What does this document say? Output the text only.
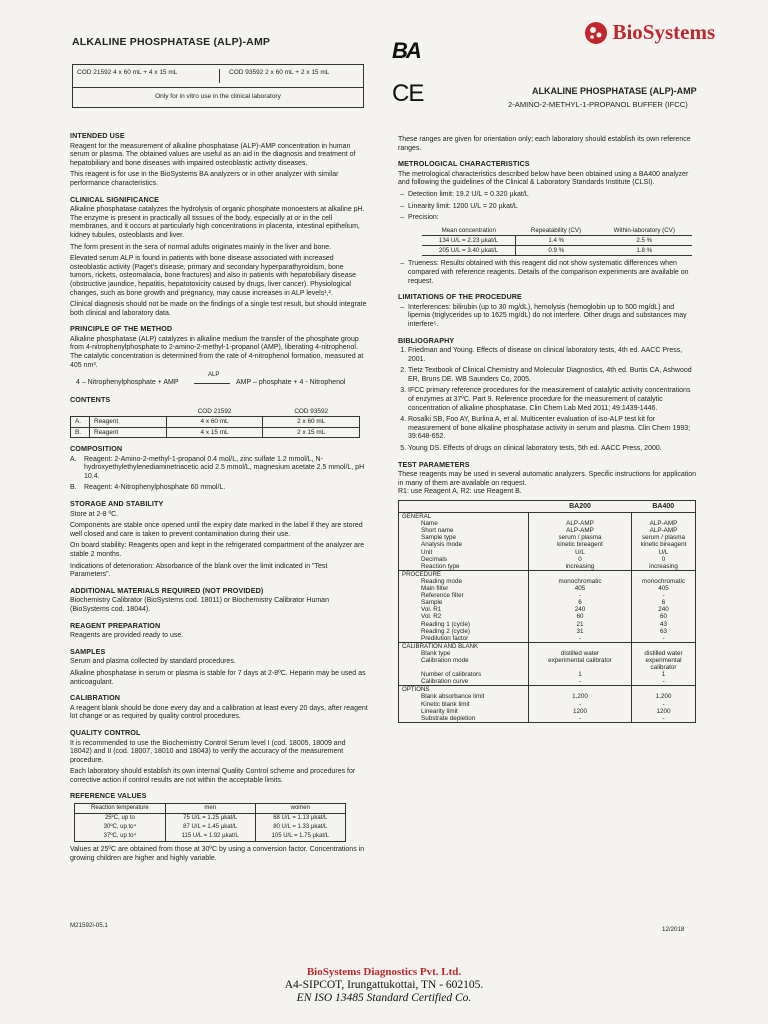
ALKALINE PHOSPHATASE (ALP)-AMP
COD 21592 4 x 60 mL + 4 x 15 mL	COD 93592 2 x 60 mL + 2 x 15 mL
Only for in vitro use in the clinical laboratory
BA
CE
BioSystems
ALKALINE PHOSPHATASE (ALP)-AMP
2-AMINO-2-METHYL-1-PROPANOL BUFFER (IFCC)
INTENDED USE

Reagent for the measurement of alkaline phosphatase (ALP)-AMP concentration in human serum or plasma. The obtained values are useful as an aid in the diagnosis and treatment of hepatobiliary and bone diseases with impaired osteoblastic activity diseases.

This reagent is for use in the BioSystems BA analyzers or in other analyzer with similar performance characteristics.

CLINICAL SIGNIFICANCE

Alkaline phosphatase catalyzes the hydrolysis of organic phosphate monoesters at alkaline pH. The enzyme is present in practically all tissues of the body, especially at or in the cell membranes, and it occurs at particularly high concentrations in placenta, intestinal epithelium, kidney tubules, osteoblasts and liver.

The form present in the sera of normal adults originates mainly in the liver and bone.

Elevated serum ALP is found in patients with bone disease associated with increased osteoblastic activity (Paget's disease, primary and secondary hyperparathyroidism, bone tumors, rickets, osteomalacia, bone fractures) and also in patients with hepatobiliary disease (obstructive jaundice, hepatitis, hepatotoxicity caused by drugs, liver cancer). Physiological changes, such as bone growth and pregnancy, may cause increases in ALP levels¹,².

Clinical diagnosis should not be made on the findings of a single test result, but should integrate both clinical and laboratory data.

PRINCIPLE OF THE METHOD

Alkaline phosphatase (ALP) catalyzes in alkaline medium the transfer of the phosphate group from 4-nitrophenylphosphate to 2-amino-2-methyl-1-propanol (AMP), liberating 4-nitrophenol. The catalytic concentration is determined from the rate of 4-nitrophenol formation, measured at 405 nm³.

4 – Nitrophenylphosphate + AMP
ALP
AMP – phosphate + 4 - Nitrophenol
CONTENTS
		COD 21592	COD 93592
A.	Reagent	4 x 60 mL	2 x 60 mL
B.	Reagent	4 x 15 mL	2 x 15 mL
COMPOSITION
A.	Reagent: 2-Amino-2-methyl-1-propanol 0.4 mol/L, zinc sulfate 1.2 mmol/L, N-hydroxyethylethylenediaminetriacetic acid 2.5 mmol/L, magnesium acetate 2.5 mmol/L, pH 10.4.
B.	Reagent: 4-Nitrophenylphosphate 60 mmol/L.
STORAGE AND STABILITY

Store at 2-8 ºC.

Components are stable once opened until the expiry date marked in the label if they are stored well closed and care is taken to prevent contamination during their use.

On board stability: Reagents open and kept in the refrigerated compartment of the analyzer are stable 2 months.

Indications of deterioration: Absorbance of the blank over the limit indicated in "Test Parameters".

ADDITIONAL MATERIALS REQUIRED (NOT PROVIDED)

Biochemistry Calibrator (BioSystems cod. 18011) or Biochemistry Calibrator Human (BioSystems cod. 18044).

REAGENT PREPARATION

Reagents are provided ready to use.

SAMPLES

Serum and plasma collected by standard procedures.

Alkaline phosphatase in serum or plasma is stable for 7 days at 2-8ºC. Heparin may be used as anticoagulant.

CALIBRATION

A reagent blank should be done every day and a calibration at least every 20 days, after reagent lot change or as required by quality control procedures.

QUALITY CONTROL

It is recommended to use the Biochemistry Control Serum level I (cod. 18005, 18009 and 18042) and II (cod. 18007, 18010 and 18043) to verify the accuracy of the measurement procedure.

Each laboratory should establish its own internal Quality Control scheme and procedures for corrective action if control results are not within the acceptable limits.

REFERENCE VALUES
Reaction temperature	men	women
25ºC, up to	75 U/L = 1.25 µkat/L	68 U/L = 1.13 µkat/L
30ºC, up to⁴	87 U/L = 1.45 µkat/L	80 U/L = 1.33 µkat/L
37ºC, up to⁴	115 U/L = 1.92 µkat/L	105 U/L = 1.75 µkat/L

Values at 25ºC are obtained from those at 30ºC by using a conversion factor. Concentrations in growing children are higher and highly variable.

M21592i-05.1

These ranges are given for orientation only; each laboratory should establish its own reference ranges.

METROLOGICAL CHARACTERISTICS

The metrological characteristics described below have been obtained using a BA400 analyzer and following the guidelines of the Clinical & Laboratory Standards Institute (CLSI).

– Detection limit: 19.2 U/L = 0.320 µkat/L
– Linearity limit: 1200 U/L = 20 µkat/L
– Precision:
Mean concentration	Repeatability (CV)	Within-laboratory (CV)
134 U/L = 2.23 µkat/L	1.4 %	2.5 %
205 U/L = 3.40 µkat/L	0.9 %	1.8 %
– Trueness: Results obtained with this reagent did not show systematic differences when compared with reference reagents. Details of the comparison experiments are available on request.
LIMITATIONS OF THE PROCEDURE
– Interferences: bilirubin (up to 30 mg/dL), hemolysis (hemoglobin up to 500 mg/dL) and lipemia (triglycerides up to 1625 mg/dL) do not interfere. Other drugs and substances may interfere⁵.
BIBLIOGRAPHY
1. Friedman and Young. Effects of disease on clinical laboratory tests, 4th ed. AACC Press, 2001.
2. Tietz Textbook of Clinical Chemistry and Molecular Diagnostics, 4th ed. Burtis CA, Ashwood ER, Bruns DE. WB Saunders Co, 2005.
3. IFCC primary reference procedures for the measurement of catalytic activity concentrations of enzymes at 37ºC. Part 9. Reference procedure for the measurement of catalytic concentration of alkaline phosphatase. Clin Chem Lab Med 2011; 49:1439-1446.
4. Rosalki SB, Foo AY, Burlina A, et al. Multicenter evaluation of iso-ALP test kit for measurement of bone alkaline phosphatase activity in serum and plasma. Clin Chem 1993; 39:648-652.
5. Young DS. Effects of drugs on clinical laboratory tests, 5th ed. AACC Press, 2000.
TEST PARAMETERS

These reagents may be used in several automatic analyzers. Specific instructions for application in many of them are available on request.

R1: use Reagent A, R2: use Reagent B.

	BA200	BA400
GENERAL		
Name	ALP-AMP	ALP-AMP
Short name	ALP-AMP	ALP-AMP
Sample type	serum / plasma	serum / plasma
Analysis mode	kinetic bireagent	kinetic bireagent
Unit	U/L	U/L
Decimals	0	0
Reaction type	increasing	increasing
PROCEDURE		
Reading mode	monochromatic	monochromatic
Main filter	405	405
Reference filter	-	-
Sample	6	6
Vol. R1	240	240
Vol. R2	60	60
Reading 1 (cycle)	21	43
Reading 2 (cycle)	31	63
Predilution factor	-	-
CALIBRATION AND BLANK		
Blank type	distilled water	distilled water
Calibration mode	experimental calibrator	experimental calibrator
Number of calibrators	1	1
Calibration curve	-	-
OPTIONS		
Blank absorbance limit	1,200	1,200
Kinetic blank limit	-	-
Linearity limit	1200	1200
Substrate depletion	-	-
12/2018
BioSystems Diagnostics Pvt. Ltd.
A4-SIPCOT, Irungattukottai, TN - 602105.
EN ISO 13485 Standard Certified Co.
